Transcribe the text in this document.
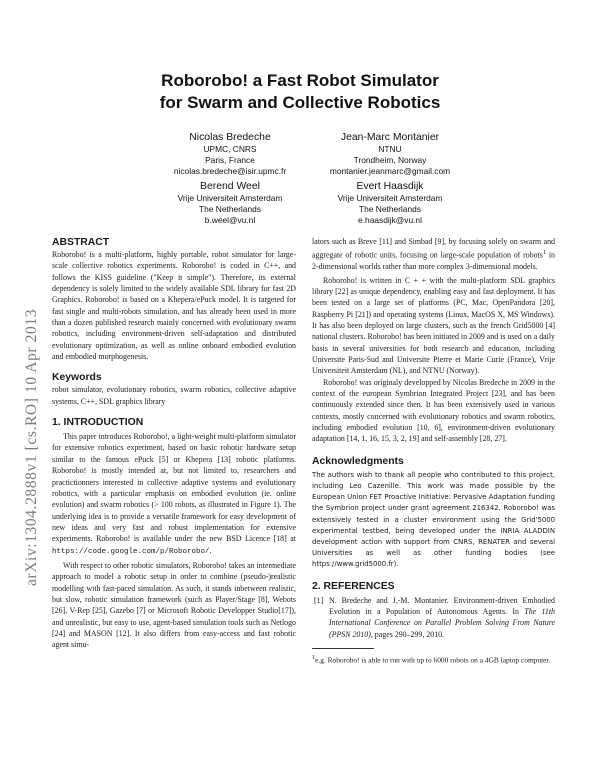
arXiv:1304.2888v1 [cs.RO] 10 Apr 2013
Roborobo! a Fast Robot Simulator
for Swarm and Collective Robotics
Nicolas Bredeche
UPMC, CNRS
Paris, France
nicolas.bredeche@isir.upmc.fr
Jean-Marc Montanier
NTNU
Trondheim, Norway
montanier.jeanmarc@gmail.com
Berend Weel
Vrije Universiteit Amsterdam
The Netherlands
b.weel@vu.nl
Evert Haasdijk
Vrije Universiteit Amsterdam
The Netherlands
e.haasdijk@vu.nl
ABSTRACT

Roborobo! is a multi-platform, highly portable, robot simulator for large-scale collective robotics experiments. Roborobo! is coded in C++, and follows the KISS guideline ("Keep it simple"). Therefore, its external dependency is solely limited to the widely available SDL library for fast 2D Graphics. Roborobo! is based on a Khepera/ePuck model. It is targeted for fast single and multi-robots simulation, and has already been used in more than a dozen published research mainly concerned with evolutionary swarm robotics, including environment-driven self-adaptation and distributed evolutionary optimization, as well as online onboard embodied evolution and embodied morphogenesis.

Keywords

robot simulator, evolutionary robotics, swarm robotics, collective adaptive systems, C++, SDL graphics library

1. INTRODUCTION

This paper introduces Roborobo!, a light-weight multi-platform simulator for extensive robotics experiment, based on basic robotic hardware setup similar to the famous ePuck [5] or Khepera [13] robotic platforms. Roborobo! is mostly intended at, but not limited to, researchers and practictionners interested in collective adaptive systems and evolutionary robotics, with a particular emphasis on embodied evolution (ie. online evolution) and swarm robotics (> 100 robots, as illustrated in Figure 1). The underlying idea is to provide a versatile framework for easy development of new ideas and very fast and robust implementation for extensive experiments. Roborobo! is available under the new BSD Licence [18] at https://code.google.com/p/Roborobo/.

With respect to other robotic simulators, Roborobo! takes an intermediate approach to model a robotic setup in order to combine (pseudo-)realistic modelling with fast-paced simulation. As such, it stands inbetween realistic, but slow, robotic simulation framework (such as Player/Stage [8], Webots [26], V-Rep [25], Gazebo [7] or Microsoft Robotic Developper Studio[17]), and unrealistic, but easy to use, agent-based simulation tools such as Netlogo [24] and MASON [12]. It also differs from easy-access and fast robotic agent simu-

lators such as Breve [11] and Simbad [9], by focusing solely on swarm and aggregate of robotic units, focusing on large-scale population of robots$^1$ in 2-dimensional worlds rather than more complex 3-dimensional models.

Roborobo! is written in C + + with the multi-platform SDL graphics library [22] as unique dependency, enabling easy and fast deployment. It has been tested on a large set of platforms (PC, Mac, OpenPandora [20], Raspberry Pi [21]) and operating systems (Linux, MacOS X, MS Windows). It has also been deployed on large clusters, such as the french Grid5000 [4] national clusters. Roborobo! has been initiated in 2009 and is used on a daily basis in several universities for both research and education, including Universite Paris-Sud and Universite Pierre et Marie Curie (France), Vrije Universiteit Amsterdam (NL), and NTNU (Norway).

Roborobo! was originaly developped by Nicolas Bredeche in 2009 in the context of the european Symbrion Integrated Project [23], and has been continuously extended since then. It has been extensively used in various contexts, mostly concerned with evolutionary robotics and swarm robotics, including embodied evolution [10, 6], environment-driven evolutionary adaptation [14, 1, 16, 15, 3, 2, 19] and self-assembly [28, 27].

Acknowledgments

The authors wish to thank all people who contributed to this project, including Leo Cazenille. This work was made possible by the European Union FET Proactive Initiative: Pervasive Adaptation funding the Symbrion project under grant agreement 216342. Roborobo! was extensively tested in a cluster environment using the Grid'5000 experimental testbed, being developed under the INRIA ALADDIN development action with support from CNRS, RENATER and several Universities as well as other funding bodies (see https://www.grid5000.fr).

2. REFERENCES
[1] N. Bredeche and J.-M. Montanier. Environment-driven Embodied Evolution in a Population of Autonomous Agents. In The 11th International Conference on Parallel Problem Solving From Nature (PPSN 2010), pages 290–299, 2010.

$^1$e.g. Roborobo! is able to run with up to 6000 robots on a 4GB laptop computer.
